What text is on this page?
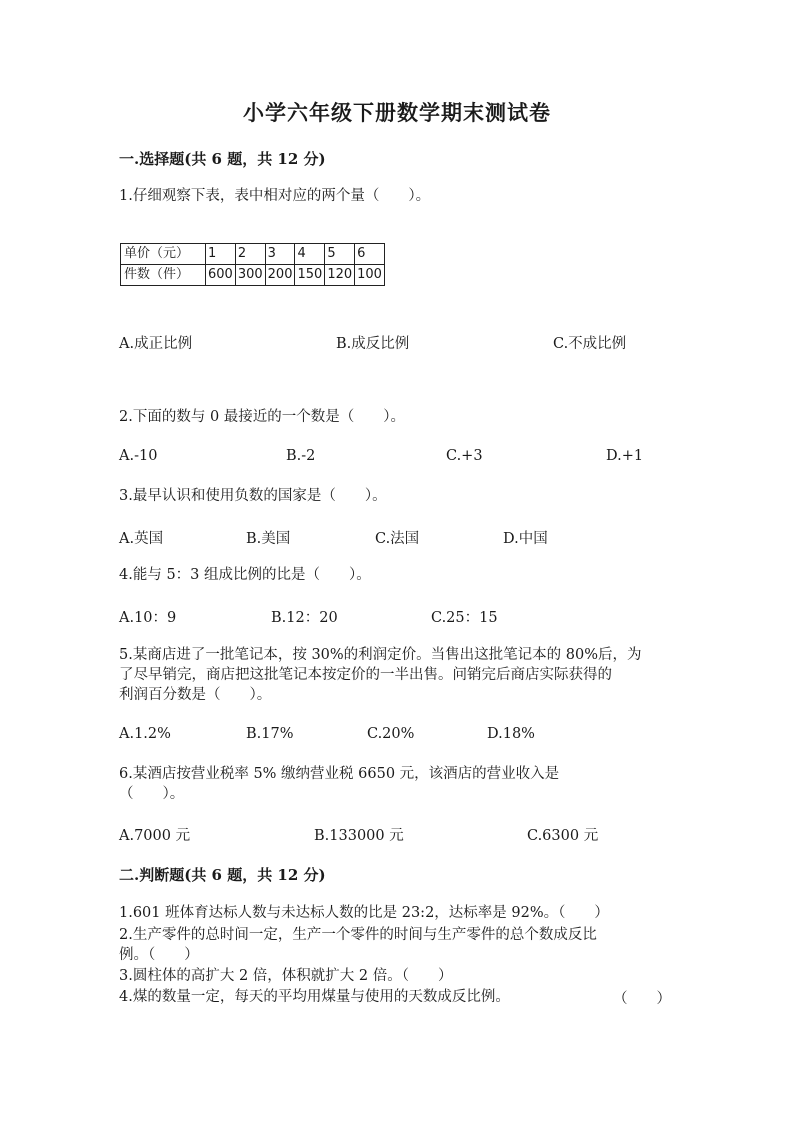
小学六年级下册数学期末测试卷
一.选择题(共 6 题，共 12 分)
1.仔细观察下表，表中相对应的两个量（　　）。
单价（元）	1	2	3	4	5	6
件数（件）	600	300	200	150	120	100
A.成正比例	B.成反比例	C.不成比例
2.下面的数与 0 最接近的一个数是（　　）。
A.-10	B.-2	C.+3	D.+1
3.最早认识和使用负数的国家是（　　）。
A.英国	B.美国	C.法国	D.中国
4.能与 5：3 组成比例的比是（　　）。
A.10：9	B.12：20	C.25：15
5.某商店进了一批笔记本，按 30%的利润定价。当售出这批笔记本的 80%后，为
了尽早销完，商店把这批笔记本按定价的一半出售。问销完后商店实际获得的
利润百分数是（　　）。
A.1.2%	B.17%	C.20%	D.18%
6.某酒店按营业税率 5% 缴纳营业税 6650 元，该酒店的营业收入是
（　　）。
A.7000 元	B.133000 元	C.6300 元
二.判断题(共 6 题，共 12 分)
1.601 班体育达标人数与未达标人数的比是 23:2，达标率是 92%。（　　）
2.生产零件的总时间一定，生产一个零件的时间与生产零件的总个数成反比
例。（　　）
3.圆柱体的高扩大 2 倍，体积就扩大 2 倍。（　　）
4.煤的数量一定，每天的平均用煤量与使用的天数成反比例。	（　　）
